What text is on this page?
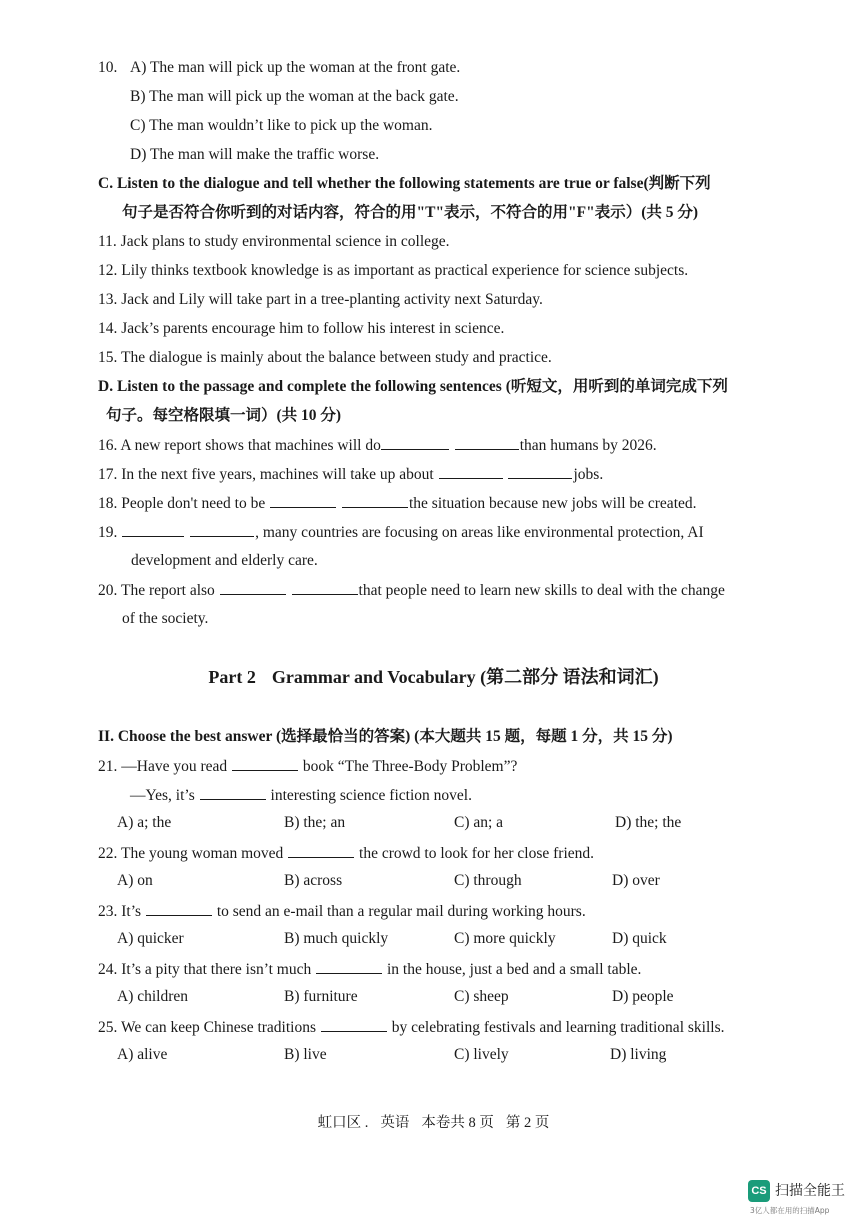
10. A) The man will pick up the woman at the front gate.
B) The man will pick up the woman at the back gate.
C) The man wouldn’t like to pick up the woman.
D) The man will make the traffic worse.
C. Listen to the dialogue and tell whether the following statements are true or false(判断下列
句子是否符合你听到的对话内容，符合的用"T"表示，不符合的用"F"表示）(共 5 分)
11. Jack plans to study environmental science in college.
12. Lily thinks textbook knowledge is as important as practical experience for science subjects.
13. Jack and Lily will take part in a tree-planting activity next Saturday.
14. Jack’s parents encourage him to follow his interest in science.
15. The dialogue is mainly about the balance between study and practice.
D. Listen to the passage and complete the following sentences (听短文，用听到的单词完成下列
句子。每空格限填一词）(共 10 分)
16. A new report shows that machines will do	than humans by 2026.
17. In the next five years, machines will take up about	jobs.
18. People don't need to be	the situation because new jobs will be created.
19.	, many countries are focusing on areas like environmental protection, AI
development and elderly care.
20. The report also	that people need to learn new skills to deal with the change
of the society.
Part 2 Grammar and Vocabulary (第二部分 语法和词汇)
II. Choose the best answer (选择最恰当的答案) (本大题共 15 题，每题 1 分，共 15 分)
21. —Have you read	book “The Three-Body Problem”?
—Yes, it’s	interesting science fiction novel.
A) a; the	B) the; an	C) an; a	D) the; the
22. The young woman moved	the crowd to look for her close friend.
A) on	B) across	C) through	D) over
23. It’s	to send an e-mail than a regular mail during working hours.
A) quicker	B) much quickly	C) more quickly	D) quick
24. It’s a pity that there isn’t much	in the house, just a bed and a small table.
A) children	B) furniture	C) sheep	D) people
25. We can keep Chinese traditions	by celebrating festivals and learning traditional skills.
A) alive	B) live	C) lively	D) living
虹口区 . 英语 本卷共 8 页 第 2 页
CS 扫描全能王
3亿人都在用的扫描App
